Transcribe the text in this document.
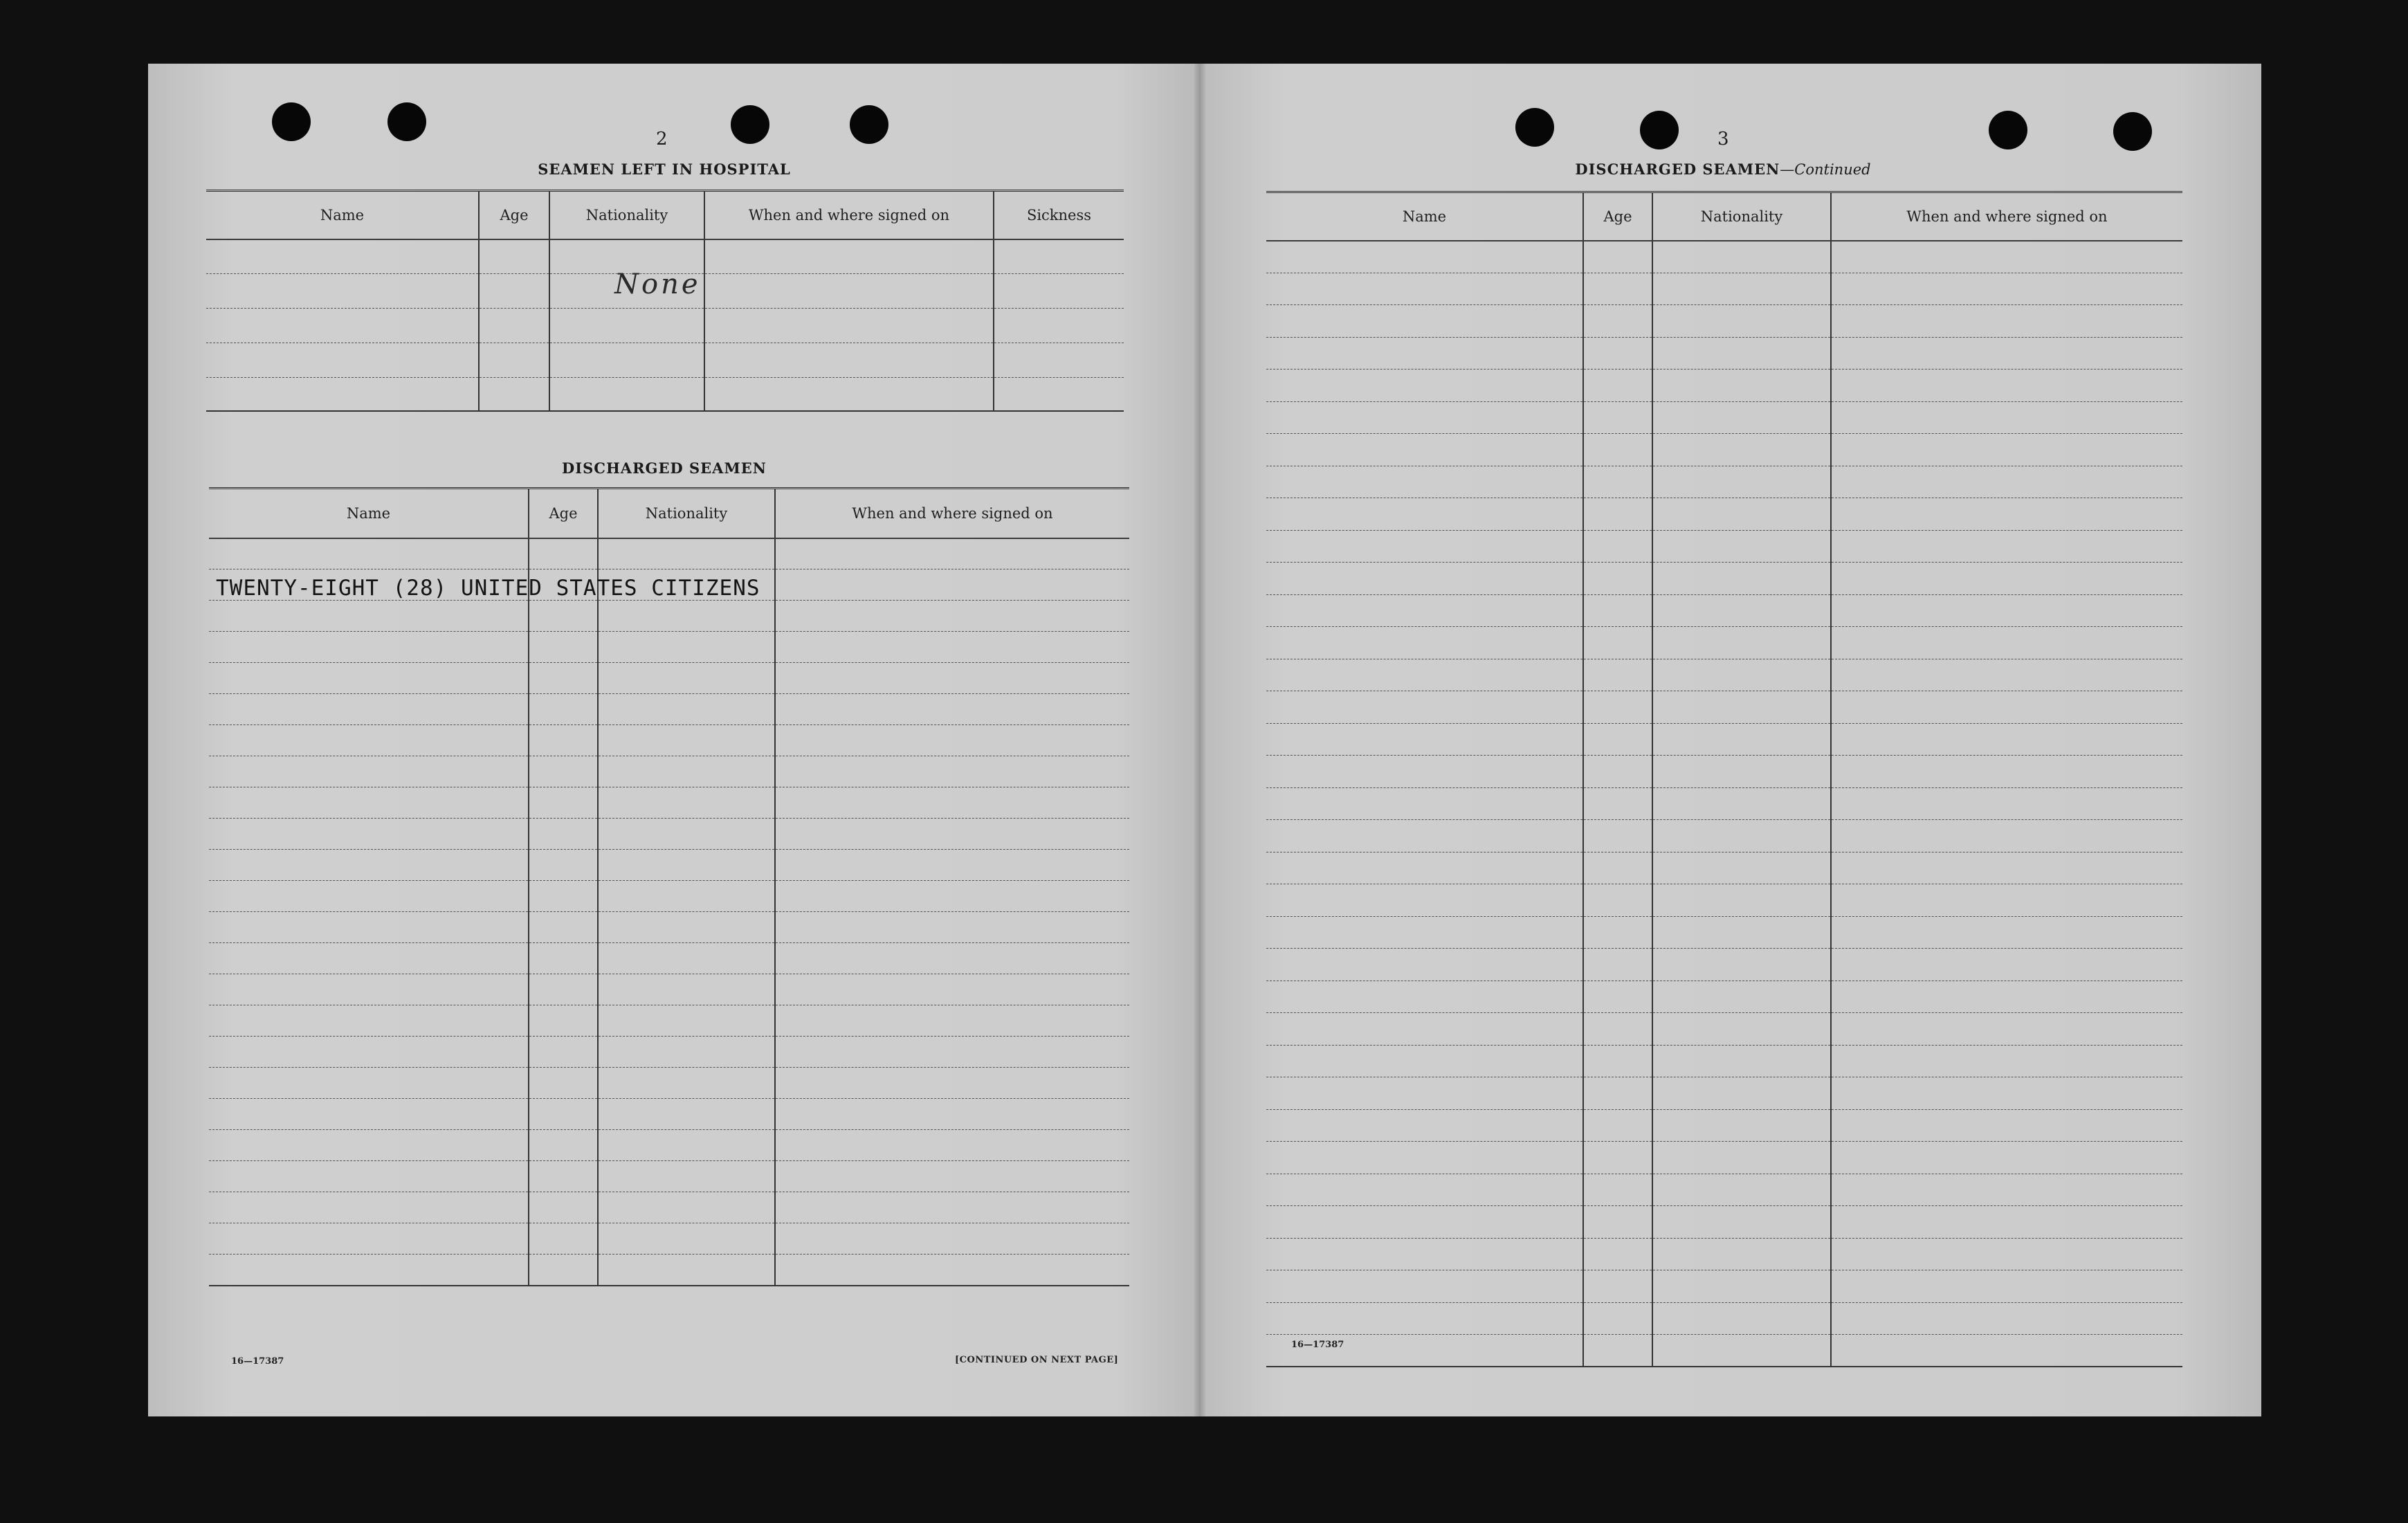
2
SEAMEN LEFT IN HOSPITAL
Name	Age	Nationality	When and where signed on	Sickness

None
DISCHARGED SEAMEN
Name	Age	Nationality	When and where signed on

TWENTY-EIGHT (28) UNITED STATES CITIZENS
16—17387	[CONTINUED ON NEXT PAGE]
3
DISCHARGED SEAMEN—Continued
Name	Age	Nationality	When and where signed on

16—17387
